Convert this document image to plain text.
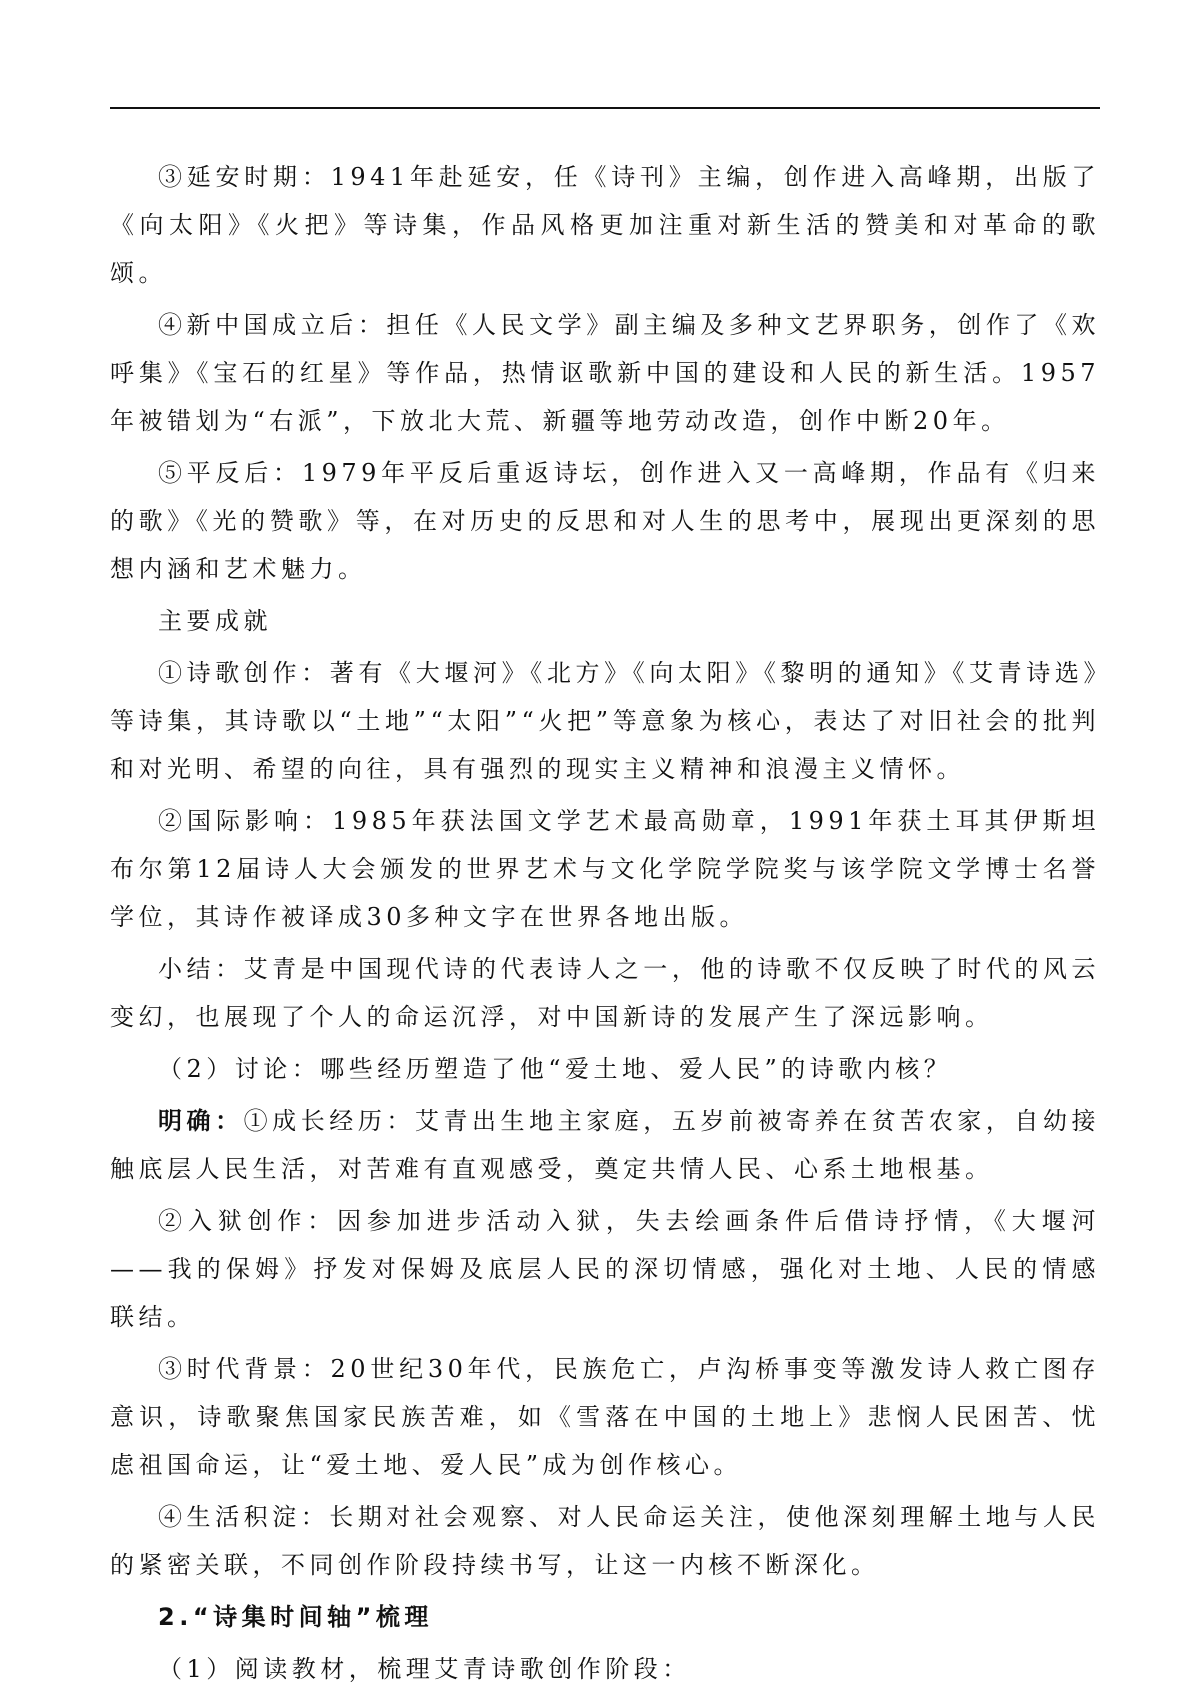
③延安时期：1941年赴延安，任《诗刊》主编，创作进入高峰期，出版了《向太阳》《火把》等诗集，作品风格更加注重对新生活的赞美和对革命的歌颂。

④新中国成立后：担任《人民文学》副主编及多种文艺界职务，创作了《欢呼集》《宝石的红星》等作品，热情讴歌新中国的建设和人民的新生活。1957年被错划为“右派”，下放北大荒、新疆等地劳动改造，创作中断20年。

⑤平反后：1979年平反后重返诗坛，创作进入又一高峰期，作品有《归来的歌》《光的赞歌》等，在对历史的反思和对人生的思考中，展现出更深刻的思想内涵和艺术魅力。

主要成就

①诗歌创作：著有《大堰河》《北方》《向太阳》《黎明的通知》《艾青诗选》等诗集，其诗歌以“土地”“太阳”“火把”等意象为核心，表达了对旧社会的批判和对光明、希望的向往，具有强烈的现实主义精神和浪漫主义情怀。

②国际影响：1985年获法国文学艺术最高勋章，1991年获土耳其伊斯坦布尔第12届诗人大会颁发的世界艺术与文化学院学院奖与该学院文学博士名誉学位，其诗作被译成30多种文字在世界各地出版。

小结：艾青是中国现代诗的代表诗人之一，他的诗歌不仅反映了时代的风云变幻，也展现了个人的命运沉浮，对中国新诗的发展产生了深远影响。

（2）讨论：哪些经历塑造了他“爱土地、爱人民”的诗歌内核？

明确：①成长经历：艾青出生地主家庭，五岁前被寄养在贫苦农家，自幼接触底层人民生活，对苦难有直观感受，奠定共情人民、心系土地根基。

②入狱创作：因参加进步活动入狱，失去绘画条件后借诗抒情，《大堰河——我的保姆》抒发对保姆及底层人民的深切情感，强化对土地、人民的情感联结。

③时代背景：20世纪30年代，民族危亡，卢沟桥事变等激发诗人救亡图存意识，诗歌聚焦国家民族苦难，如《雪落在中国的土地上》悲悯人民困苦、忧虑祖国命运，让“爱土地、爱人民”成为创作核心。

④生活积淀：长期对社会观察、对人民命运关注，使他深刻理解土地与人民的紧密关联，不同创作阶段持续书写，让这一内核不断深化。

2.“诗集时间轴”梳理

（1）阅读教材，梳理艾青诗歌创作阶段：
